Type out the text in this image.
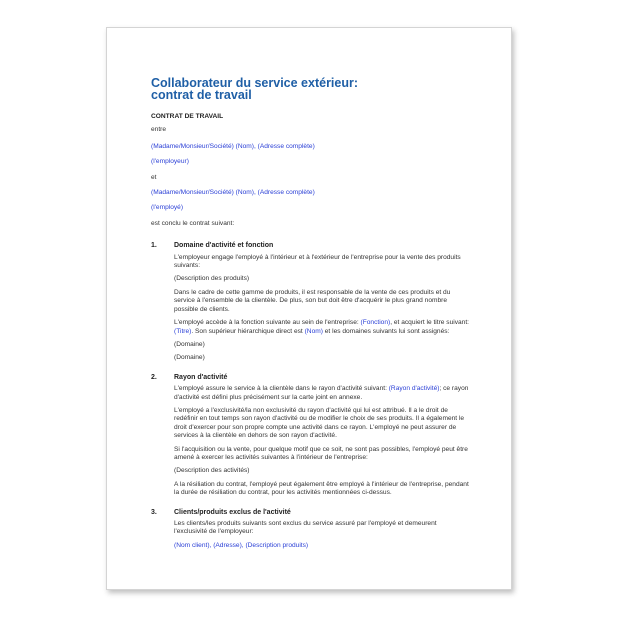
Collaborateur du service extérieur:
contrat de travail

CONTRAT DE TRAVAIL

entre

(Madame/Monsieur/Société) (Nom), (Adresse complète)

(l'employeur)

et

(Madame/Monsieur/Société) (Nom), (Adresse complète)

(l'employé)

est conclu le contrat suivant:

1. Domaine d'activité et fonction

L'employeur engage l'employé à l'intérieur et à l'extérieur de l'entreprise pour la vente des produits suivants:

(Description des produits)

Dans le cadre de cette gamme de produits, il est responsable de la vente de ces produits et du service à l'ensemble de la clientèle. De plus, son but doit être d'acquérir le plus grand nombre possible de clients.

L'employé accède à la fonction suivante au sein de l'entreprise: (Fonction), et acquiert le titre suivant: (Titre). Son supérieur hiérarchique direct est (Nom) et les domaines suivants lui sont assignés:

(Domaine)

(Domaine)

2. Rayon d'activité

L'employé assure le service à la clientèle dans le rayon d'activité suivant: (Rayon d'activité); ce rayon d'activité est défini plus précisément sur la carte joint en annexe.

L'employé a l'exclusivité/la non exclusivité du rayon d'activité qui lui est attribué. Il a le droit de redéfinir en tout temps son rayon d'activité ou de modifier le choix de ses produits. Il a également le droit d'exercer pour son propre compte une activité dans ce rayon. L'employé ne peut assurer de services à la clientèle en dehors de son rayon d'activité.

Si l'acquisition ou la vente, pour quelque motif que ce soit, ne sont pas possibles, l'employé peut être amené à exercer les activités suivantes à l'intérieur de l'entreprise:

(Description des activités)

A la résiliation du contrat, l'employé peut également être employé à l'intérieur de l'entreprise, pendant la durée de résiliation du contrat, pour les activités mentionnées ci-dessus.

3. Clients/produits exclus de l'activité

Les clients/les produits suivants sont exclus du service assuré par l'employé et demeurent l'exclusivité de l'employeur:

(Nom client), (Adresse), (Description produits)
